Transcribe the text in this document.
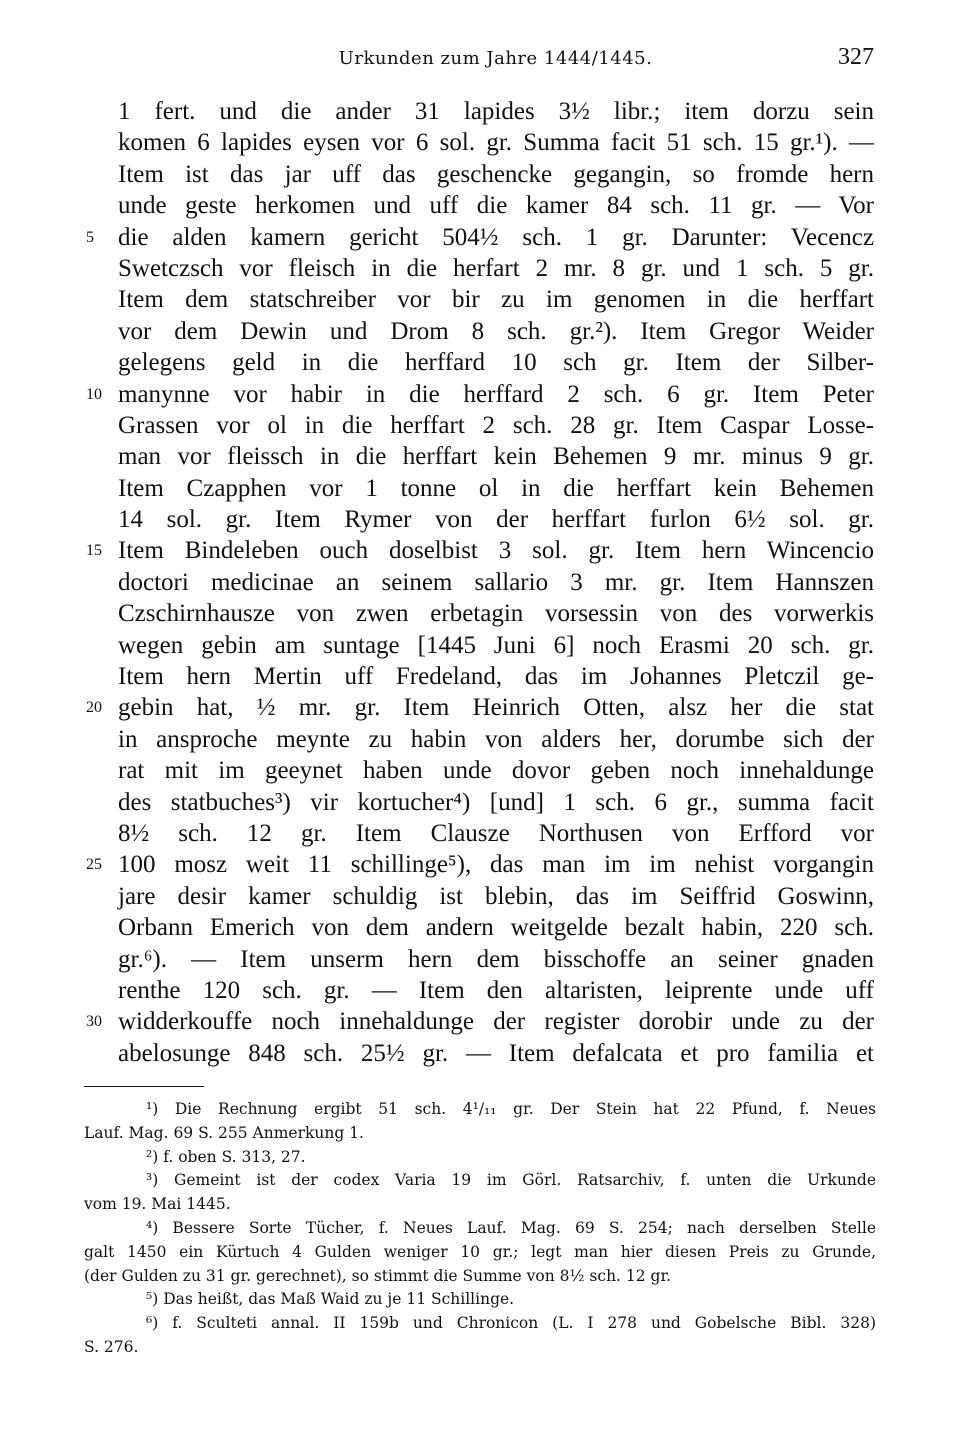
Urkunden zum Jahre 1444/1445.	327
1 fert. und die ander 31 lapides 3½ libr.; item dorzu sein
komen 6 lapides eysen vor 6 sol. gr. Summa facit 51 sch. 15 gr.¹). —
Item ist das jar uff das geschencke gegangin, so fromde hern
unde geste herkomen und uff die kamer 84 sch. 11 gr. — Vor
5 die alden kamern gericht 504½ sch. 1 gr. Darunter: Vecencz
Swetczsch vor fleisch in die herfart 2 mr. 8 gr. und 1 sch. 5 gr.
Item dem statschreiber vor bir zu im genomen in die herffart
vor dem Dewin und Drom 8 sch. gr.²). Item Gregor Weider
gelegens geld in die herffard 10 sch gr. Item der Silber-
10 manynne vor habir in die herffard 2 sch. 6 gr. Item Peter
Grassen vor ol in die herffart 2 sch. 28 gr. Item Caspar Losse-
man vor fleissch in die herffart kein Behemen 9 mr. minus 9 gr.
Item Czapphen vor 1 tonne ol in die herffart kein Behemen
14 sol. gr. Item Rymer von der herffart furlon 6½ sol. gr.
15 Item Bindeleben ouch doselbist 3 sol. gr. Item hern Wincencio
doctori medicinae an seinem sallario 3 mr. gr. Item Hannszen
Czschirnhausze von zwen erbetagin vorsessin von des vorwerkis
wegen gebin am suntage [1445 Juni 6] noch Erasmi 20 sch. gr.
Item hern Mertin uff Fredeland, das im Johannes Pletczil ge-
20 gebin hat, ½ mr. gr. Item Heinrich Otten, alsz her die stat
in ansproche meynte zu habin von alders her, dorumbe sich der
rat mit im geeynet haben unde dovor geben noch innehaldunge
des statbuches³) vir kortucher⁴) [und] 1 sch. 6 gr., summa facit
8½ sch. 12 gr. Item Clausze Northusen von Erfford vor
25 100 mosz weit 11 schillinge⁵), das man im im nehist vorgangin
jare desir kamer schuldig ist blebin, das im Seiffrid Goswinn,
Orbann Emerich von dem andern weitgelde bezalt habin, 220 sch.
gr.⁶). — Item unserm hern dem bisschoffe an seiner gnaden
renthe 120 sch. gr. — Item den altaristen, leiprente unde uff
30 widderkouffe noch innehaldunge der register dorobir unde zu der
abelosunge 848 sch. 25½ gr. — Item defalcata et pro familia et
¹) Die Rechnung ergibt 51 sch. 4¹/₁₁ gr. Der Stein hat 22 Pfund, f. Neues
Lauf. Mag. 69 S. 255 Anmerkung 1.
²) f. oben S. 313, 27.
³) Gemeint ist der codex Varia 19 im Görl. Ratsarchiv, f. unten die Urkunde
vom 19. Mai 1445.
⁴) Bessere Sorte Tücher, f. Neues Lauf. Mag. 69 S. 254; nach derselben Stelle
galt 1450 ein Kürtuch 4 Gulden weniger 10 gr.; legt man hier diesen Preis zu Grunde,
(der Gulden zu 31 gr. gerechnet), so stimmt die Summe von 8½ sch. 12 gr.
⁵) Das heißt, das Maß Waid zu je 11 Schillinge.
⁶) f. Sculteti annal. II 159b und Chronicon (L. I 278 und Gobelsche Bibl. 328)
S. 276.
